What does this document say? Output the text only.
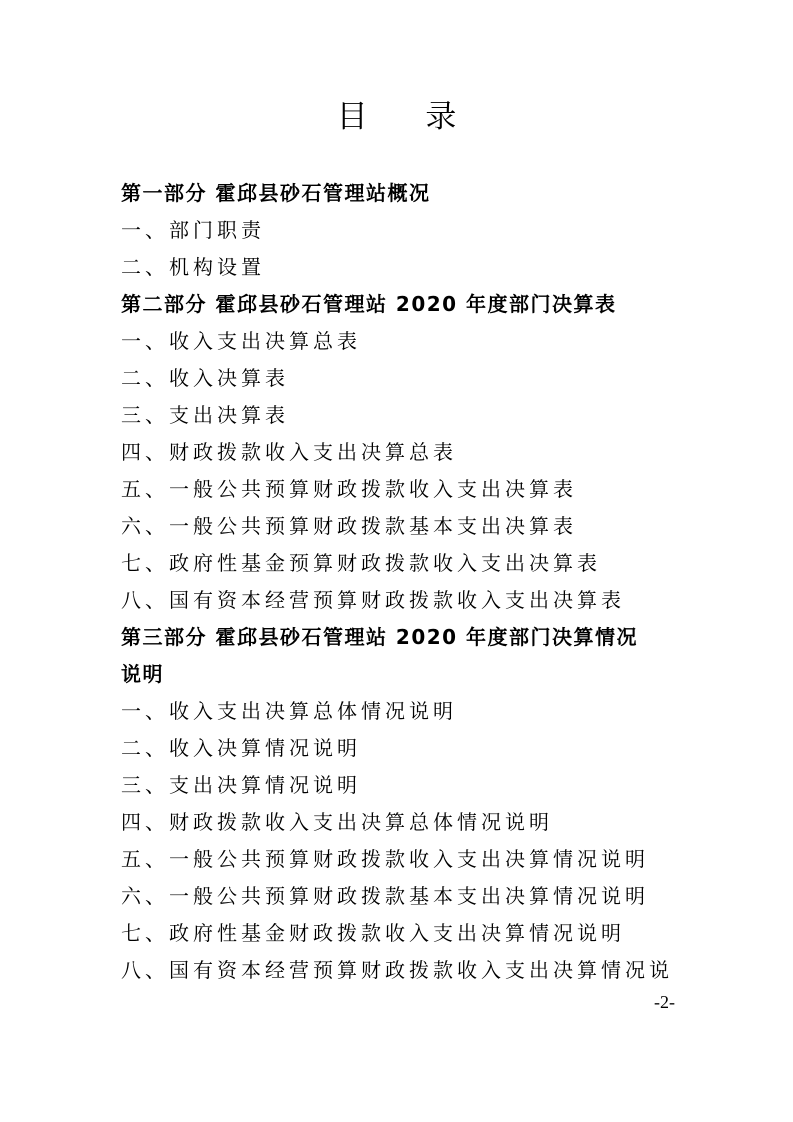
目 录
第一部分 霍邱县砂石管理站概况
一、部门职责
二、机构设置
第二部分 霍邱县砂石管理站 2020 年度部门决算表
一、收入支出决算总表
二、收入决算表
三、支出决算表
四、财政拨款收入支出决算总表
五、一般公共预算财政拨款收入支出决算表
六、一般公共预算财政拨款基本支出决算表
七、政府性基金预算财政拨款收入支出决算表
八、国有资本经营预算财政拨款收入支出决算表
第三部分 霍邱县砂石管理站 2020 年度部门决算情况
说明
一、收入支出决算总体情况说明
二、收入决算情况说明
三、支出决算情况说明
四、财政拨款收入支出决算总体情况说明
五、一般公共预算财政拨款收入支出决算情况说明
六、一般公共预算财政拨款基本支出决算情况说明
七、政府性基金财政拨款收入支出决算情况说明
八、国有资本经营预算财政拨款收入支出决算情况说
-2-
